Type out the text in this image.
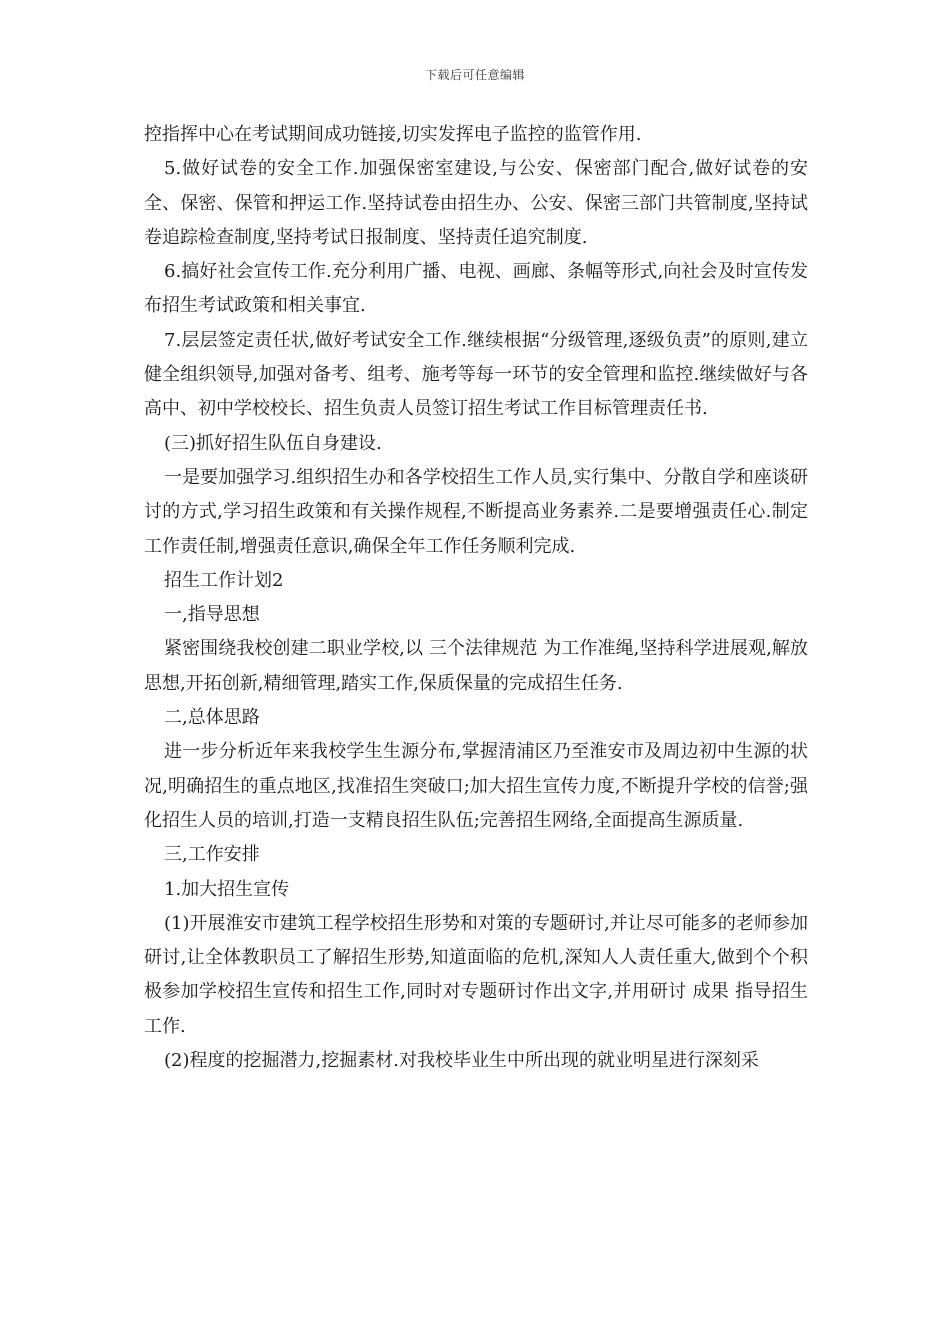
下载后可任意编辑

控指挥中心在考试期间成功链接,切实发挥电子监控的监管作用.

5.做好试卷的安全工作.加强保密室建设,与公安、保密部门配合,做好试卷的安全、保密、保管和押运工作.坚持试卷由招生办、公安、保密三部门共管制度,坚持试卷追踪检查制度,坚持考试日报制度、坚持责任追究制度.

6.搞好社会宣传工作.充分利用广播、电视、画廊、条幅等形式,向社会及时宣传发布招生考试政策和相关事宜.

7.层层签定责任状,做好考试安全工作.继续根据“分级管理,逐级负责”的原则,建立健全组织领导,加强对备考、组考、施考等每一环节的安全管理和监控.继续做好与各高中、初中学校校长、招生负责人员签订招生考试工作目标管理责任书.

(三)抓好招生队伍自身建设.

一是要加强学习.组织招生办和各学校招生工作人员,实行集中、分散自学和座谈研讨的方式,学习招生政策和有关操作规程,不断提高业务素养.二是要增强责任心.制定工作责任制,增强责任意识,确保全年工作任务顺利完成.

招生工作计划2

一,指导思想

紧密围绕我校创建二职业学校,以 三个法律规范 为工作准绳,坚持科学进展观,解放思想,开拓创新,精细管理,踏实工作,保质保量的完成招生任务.

二,总体思路

进一步分析近年来我校学生生源分布,掌握清浦区乃至淮安市及周边初中生源的状况,明确招生的重点地区,找准招生突破口;加大招生宣传力度,不断提升学校的信誉;强化招生人员的培训,打造一支精良招生队伍;完善招生网络,全面提高生源质量.

三,工作安排

1.加大招生宣传

(1)开展淮安市建筑工程学校招生形势和对策的专题研讨,并让尽可能多的老师参加研讨,让全体教职员工了解招生形势,知道面临的危机,深知人人责任重大,做到个个积极参加学校招生宣传和招生工作,同时对专题研讨作出文字,并用研讨 成果 指导招生工作.

(2)程度的挖掘潜力,挖掘素材.对我校毕业生中所出现的就业明星进行深刻采
